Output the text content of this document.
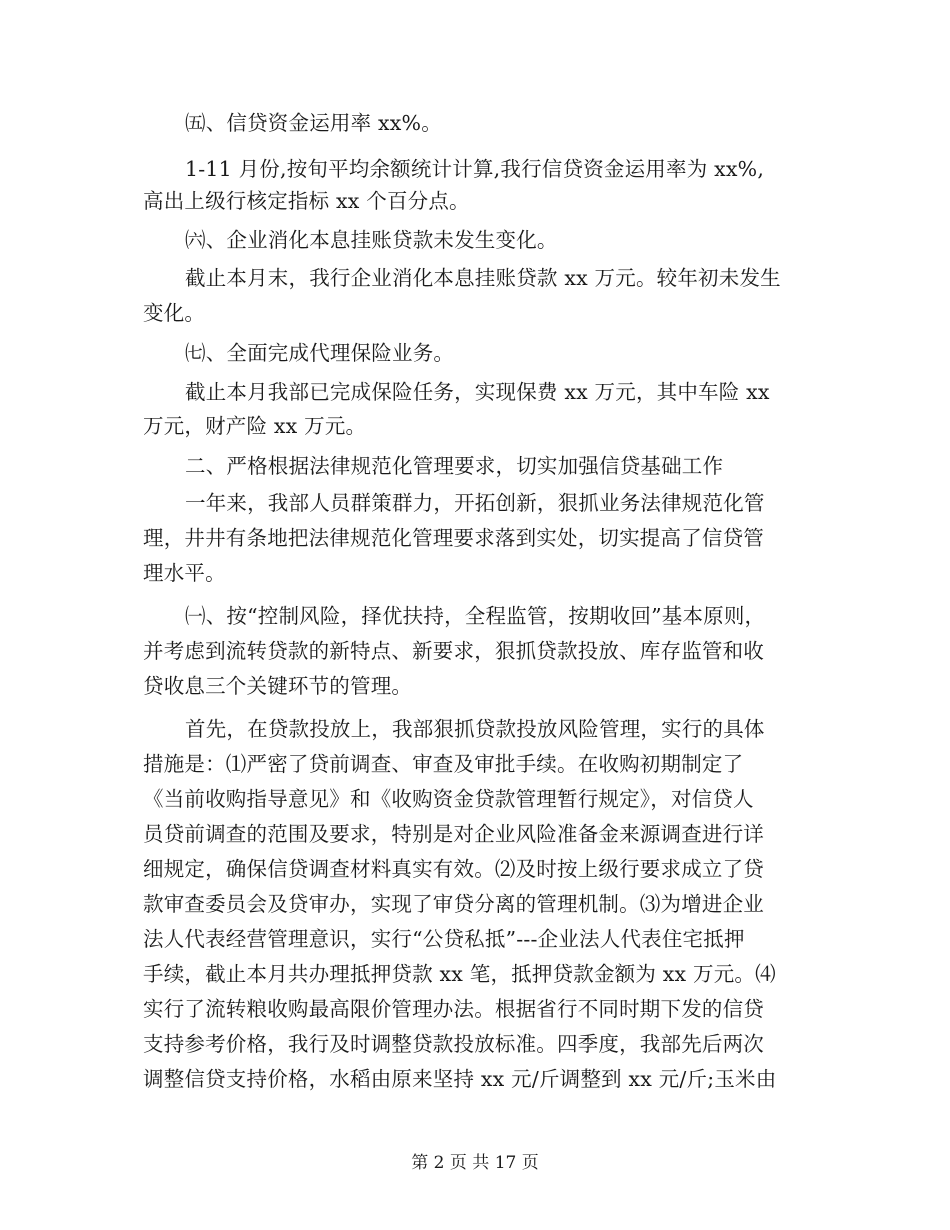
㈤、信贷资金运用率 xx%。
1-11 月份,按旬平均余额统计计算,我行信贷资金运用率为 xx%,
高出上级行核定指标 xx 个百分点。
㈥、企业消化本息挂账贷款未发生变化。
截止本月末，我行企业消化本息挂账贷款 xx 万元。较年初未发生
变化。
㈦、全面完成代理保险业务。
截止本月我部已完成保险任务，实现保费 xx 万元，其中车险 xx
万元，财产险 xx 万元。
二、严格根据法律规范化管理要求，切实加强信贷基础工作
一年来，我部人员群策群力，开拓创新，狠抓业务法律规范化管
理，井井有条地把法律规范化管理要求落到实处，切实提高了信贷管
理水平。
㈠、按“控制风险，择优扶持，全程监管，按期收回”基本原则，
并考虑到流转贷款的新特点、新要求，狠抓贷款投放、库存监管和收
贷收息三个关键环节的管理。
首先，在贷款投放上，我部狠抓贷款投放风险管理，实行的具体
措施是：⑴严密了贷前调查、审查及审批手续。在收购初期制定了
《当前收购指导意见》和《收购资金贷款管理暂行规定》，对信贷人
员贷前调查的范围及要求，特别是对企业风险准备金来源调查进行详
细规定，确保信贷调查材料真实有效。⑵及时按上级行要求成立了贷
款审查委员会及贷审办，实现了审贷分离的管理机制。⑶为增进企业
法人代表经营管理意识，实行“公贷私抵”---企业法人代表住宅抵押
手续，截止本月共办理抵押贷款 xx 笔，抵押贷款金额为 xx 万元。⑷
实行了流转粮收购最高限价管理办法。根据省行不同时期下发的信贷
支持参考价格，我行及时调整贷款投放标准。四季度，我部先后两次
调整信贷支持价格，水稻由原来坚持 xx 元/斤调整到 xx 元/斤;玉米由
第 2 页 共 17 页
